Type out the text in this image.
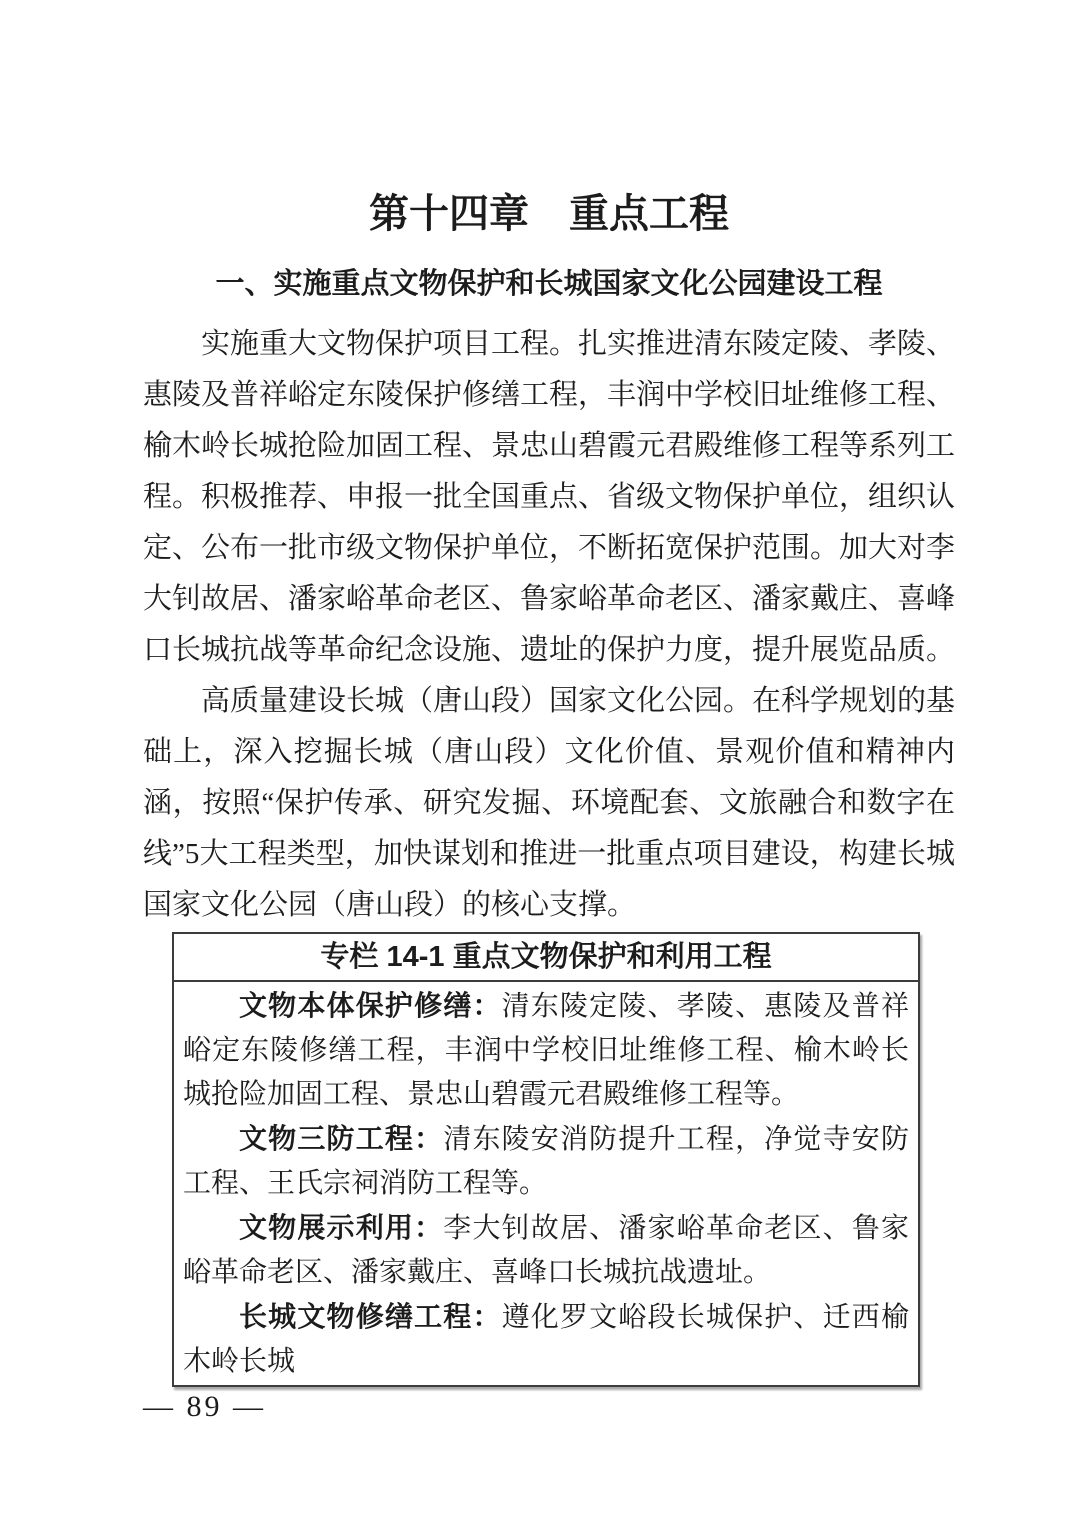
第十四章　重点工程
一、实施重点文物保护和长城国家文化公园建设工程

实施重大文物保护项目工程。扎实推进清东陵定陵、孝陵、惠陵及普祥峪定东陵保护修缮工程，丰润中学校旧址维修工程、榆木岭长城抢险加固工程、景忠山碧霞元君殿维修工程等系列工程。积极推荐、申报一批全国重点、省级文物保护单位，组织认定、公布一批市级文物保护单位，不断拓宽保护范围。加大对李大钊故居、潘家峪革命老区、鲁家峪革命老区、潘家戴庄、喜峰口长城抗战等革命纪念设施、遗址的保护力度，提升展览品质。

高质量建设长城（唐山段）国家文化公园。在科学规划的基础上，深入挖掘长城（唐山段）文化价值、景观价值和精神内涵，按照“保护传承、研究发掘、环境配套、文旅融合和数字在线”5大工程类型，加快谋划和推进一批重点项目建设，构建长城国家文化公园（唐山段）的核心支撑。

专栏 14-1 重点文物保护和利用工程

文物本体保护修缮：清东陵定陵、孝陵、惠陵及普祥峪定东陵修缮工程，丰润中学校旧址维修工程、榆木岭长城抢险加固工程、景忠山碧霞元君殿维修工程等。

文物三防工程：清东陵安消防提升工程，净觉寺安防工程、王氏宗祠消防工程等。

文物展示利用：李大钊故居、潘家峪革命老区、鲁家峪革命老区、潘家戴庄、喜峰口长城抗战遗址。

长城文物修缮工程：遵化罗文峪段长城保护、迁西榆木岭长城

— 89 —
